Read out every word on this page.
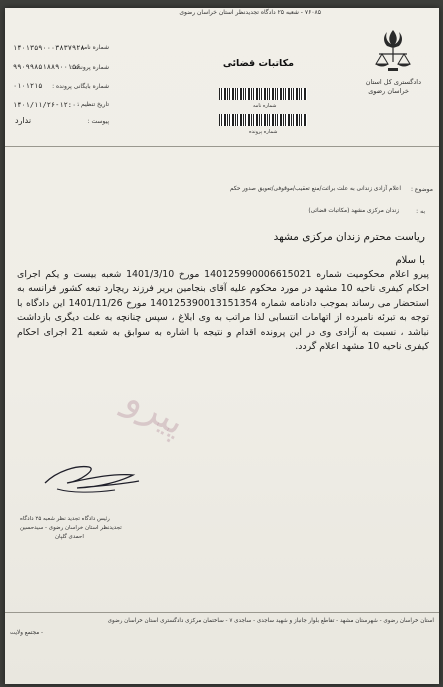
۷۶۰۸۵ - شعبه ۲۵ دادگاه تجدیدنظر استان خراسان رضوی
دادگستری کل استان
خراسان رضوی
مکاتبات قضائی
شماره نامه
شماره پرونده
شماره نامه :
شماره پرونده :
شماره بایگانی پرونده :
تاریخ تنظیم :
پیوست :
۱۴۰۱۳۵۹۰۰۰۳۸۳۷۹۲۸
۹۹۰۹۹۸۵۱۸۸۹۰۰۱۵۶
۰۱۰۱۲۱۵
۱۴۰۱/۱۱/۲۶-۱۲:۰۰
ندارد
موضوع :
اعلام آزادی زندانی به علت برائت/منع تعقیب/موقوفی/تعویق صدور حکم
به :
زندان مرکزی مشهد (مکاتبات قضائی)
ریاست محترم زندان مرکزی مشهد
با سلام
پیرو اعلام محکومیت شماره 140125990006615021 مورخ 1401/3/10 شعبه بیست و یکم اجرای احکام کیفری ناحیه 10 مشهد در مورد محکوم علیه آقای بنجامین بریر فرزند ریچارد تبعه کشور فرانسه به استحضار می رساند بموجب دادنامه شماره 140125390013151354 مورخ 1401/11/26 این دادگاه با توجه به تبرئه نامبرده از اتهامات انتسابی لذا مراتب به وی ابلاغ ، سپس چنانچه به علت دیگری بازداشت نباشد ، نسبت به آزادی وی در این پرونده اقدام و نتیجه با اشاره به سوابق به شعبه 21 اجرای احکام کیفری ناحیه 10 مشهد اعلام گردد.
پیرو
رئیس دادگاه تجدید نظر شعبه ۲۵ دادگاه
تجدیدنظر استان خراسان رضوی - سیدحسین
احمدی گلپان
استان خراسان رضوی - شهرستان مشهد - تقاطع بلوار جانباز و شهید ساجدی - ساجدی ۷ - ساختمان مرکزی دادگستری استان خراسان رضوی
- مجتمع ولایت
